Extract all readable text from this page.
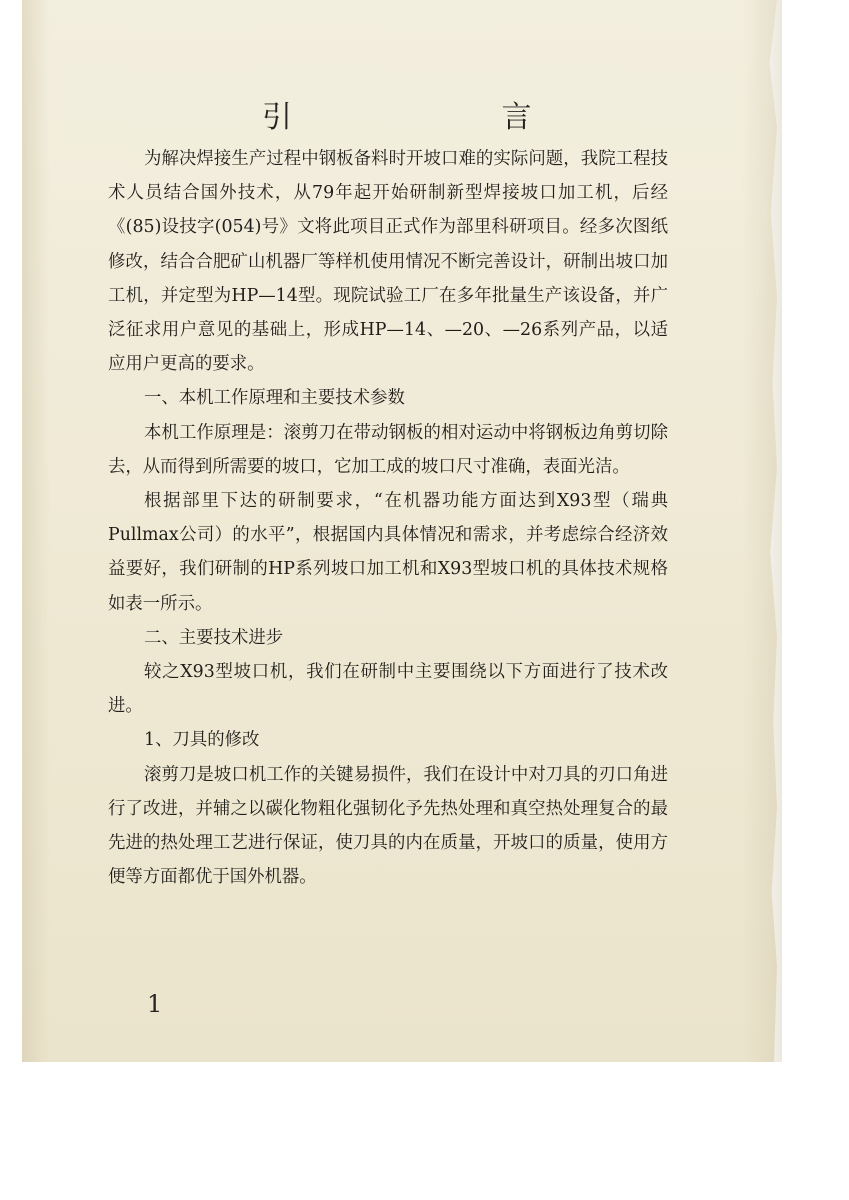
引 言

为解决焊接生产过程中钢板备料时开坡口难的实际问题，我院工程技术人员结合国外技术，从79年起开始研制新型焊接坡口加工机，后经《(85)设技字(054)号》文将此项目正式作为部里科研项目。经多次图纸修改，结合合肥矿山机器厂等样机使用情况不断完善设计，研制出坡口加工机，并定型为HP—14型。现院试验工厂在多年批量生产该设备，并广泛征求用户意见的基础上，形成HP—14、—20、—26系列产品，以适应用户更高的要求。

一、本机工作原理和主要技术参数

本机工作原理是：滚剪刀在带动钢板的相对运动中将钢板边角剪切除去，从而得到所需要的坡口，它加工成的坡口尺寸准确，表面光洁。

根据部里下达的研制要求，“在机器功能方面达到X93型（瑞典Pullmax公司）的水平”，根据国内具体情况和需求，并考虑综合经济效益要好，我们研制的HP系列坡口加工机和X93型坡口机的具体技术规格如表一所示。

二、主要技术进步

较之X93型坡口机，我们在研制中主要围绕以下方面进行了技术改进。

1、刀具的修改

滚剪刀是坡口机工作的关键易损件，我们在设计中对刀具的刃口角进行了改进，并辅之以碳化物粗化强韧化予先热处理和真空热处理复合的最先进的热处理工艺进行保证，使刀具的内在质量，开坡口的质量，使用方便等方面都优于国外机器。

1
